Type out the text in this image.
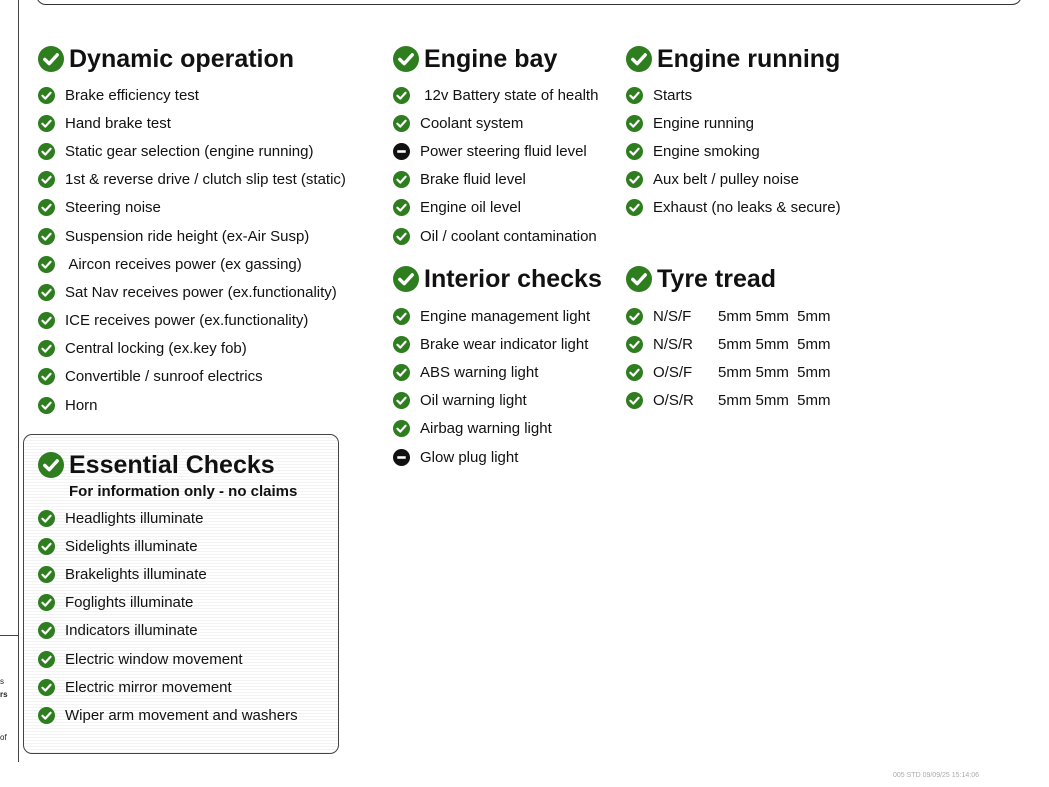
s
rs
of
Dynamic operation
Brake efficiency test
Hand brake test
Static gear selection (engine running)
1st & reverse drive / clutch slip test (static)
Steering noise
Suspension ride height (ex-Air Susp)
Aircon receives power (ex gassing)
Sat Nav receives power (ex.functionality)
ICE receives power (ex.functionality)
Central locking (ex.key fob)
Convertible / sunroof electrics
Horn
Essential Checks
For information only - no claims
Headlights illuminate
Sidelights illuminate
Brakelights illuminate
Foglights illuminate
Indicators illuminate
Electric window movement
Electric mirror movement
Wiper arm movement and washers
Engine bay
12v Battery state of health
Coolant system
Power steering fluid level
Brake fluid level
Engine oil level
Oil / coolant contamination
Interior checks
Engine management light
Brake wear indicator light
ABS warning light
Oil warning light
Airbag warning light
Glow plug light
Engine running
Starts
Engine running
Engine smoking
Aux belt / pulley noise
Exhaust (no leaks & secure)
Tyre tread
N/S/F	5mm 5mm  5mm
N/S/R	5mm 5mm  5mm
O/S/F	5mm 5mm  5mm
O/S/R	5mm 5mm  5mm
005 STD 09/09/25 15:14:06
